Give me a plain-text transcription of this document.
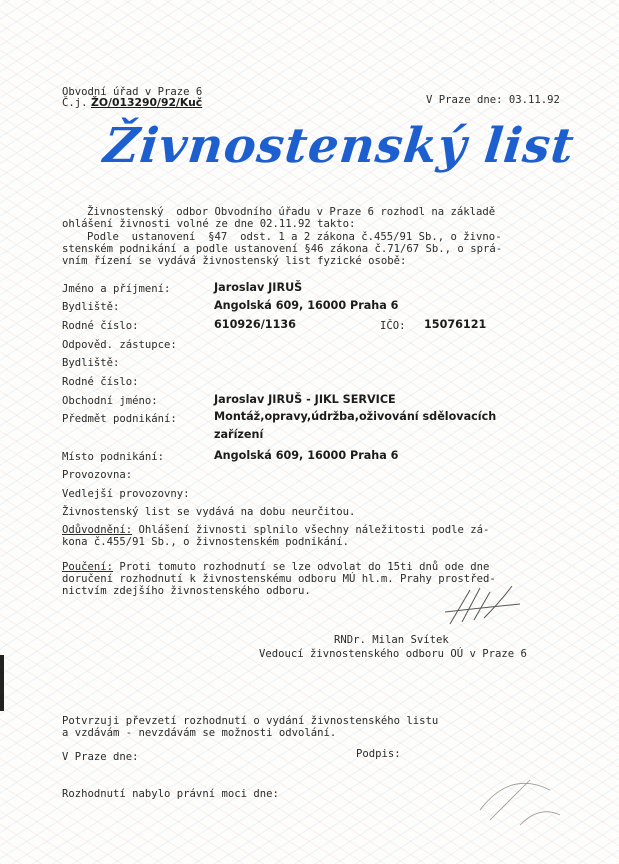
Obvodní úřad v Praze 6
Č.j. ŽO/013290/92/Kuč	V Praze dne: 03.11.92
Živnostenský list
Živnostenský  odbor Obvodního úřadu v Praze 6 rozhodl na základě
ohlášení živnosti volné ze dne 02.11.92 takto:
Podle  ustanovení  §47  odst. 1 a 2 zákona č.455/91 Sb., o živno-
stenském podnikání a podle ustanovení §46 zákona č.71/67 Sb., o sprá-
vním řízení se vydává živnostenský list fyzické osobě:
Jméno a příjmení:	Jaroslav JIRUŠ
Bydliště:	Angolská 609, 16000 Praha 6
Rodné číslo:	610926/1136	IČO: 15076121
Odpověd. zástupce:
Bydliště:
Rodné číslo:
Obchodní jméno:	Jaroslav JIRUŠ - JIKL SERVICE
Předmět podnikání:	Montáž,opravy,údržba,oživování sdělovacích
zařízení
Místo podnikání:	Angolská 609, 16000 Praha 6
Provozovna:
Vedlejší provozovny:
Živnostenský list se vydává na dobu neurčitou.
Odůvodnění: Ohlášení živnosti splnilo všechny náležitosti podle zá-
kona č.455/91 Sb., o živnostenském podnikání.
Poučení: Proti tomuto rozhodnutí se lze odvolat do 15ti dnů ode dne
doručení rozhodnutí k živnostenskému odboru MÚ hl.m. Prahy prostřed-
nictvím zdejšího živnostenského odboru.
RNDr. Milan Svítek
Vedoucí živnostenského odboru OÚ v Praze 6
Potvrzuji převzetí rozhodnutí o vydání živnostenského listu
a vzdávám - nevzdávám se možnosti odvolání.
V Praze dne:	Podpis:
Rozhodnutí nabylo právní moci dne:
